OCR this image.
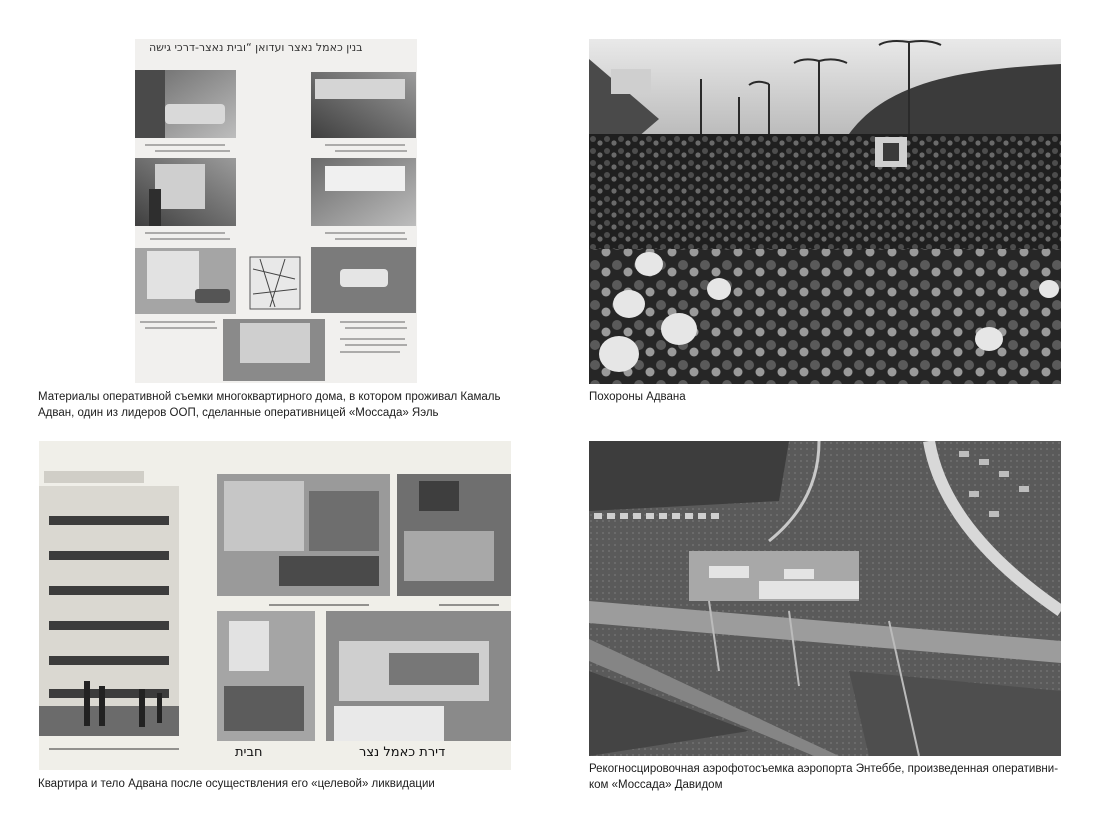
בנין כאמל נאצר ועדואן “ובית נאצר-דרכי גישה

Материалы оперативной съемки многоквартирного дома, в котором проживал Камаль Адван, один из лидеров ООП, сделанные оперативницей «Моссада» Яэль

Похороны Адвана

חבית	דירת כאמל נצר

Квартира и тело Адвана после осуществления его «целевой» ликвидации

Рекогносцировочная аэрофотосъемка аэропорта Энтеббе, произведенная оперативни-ком «Моссада» Давидом
